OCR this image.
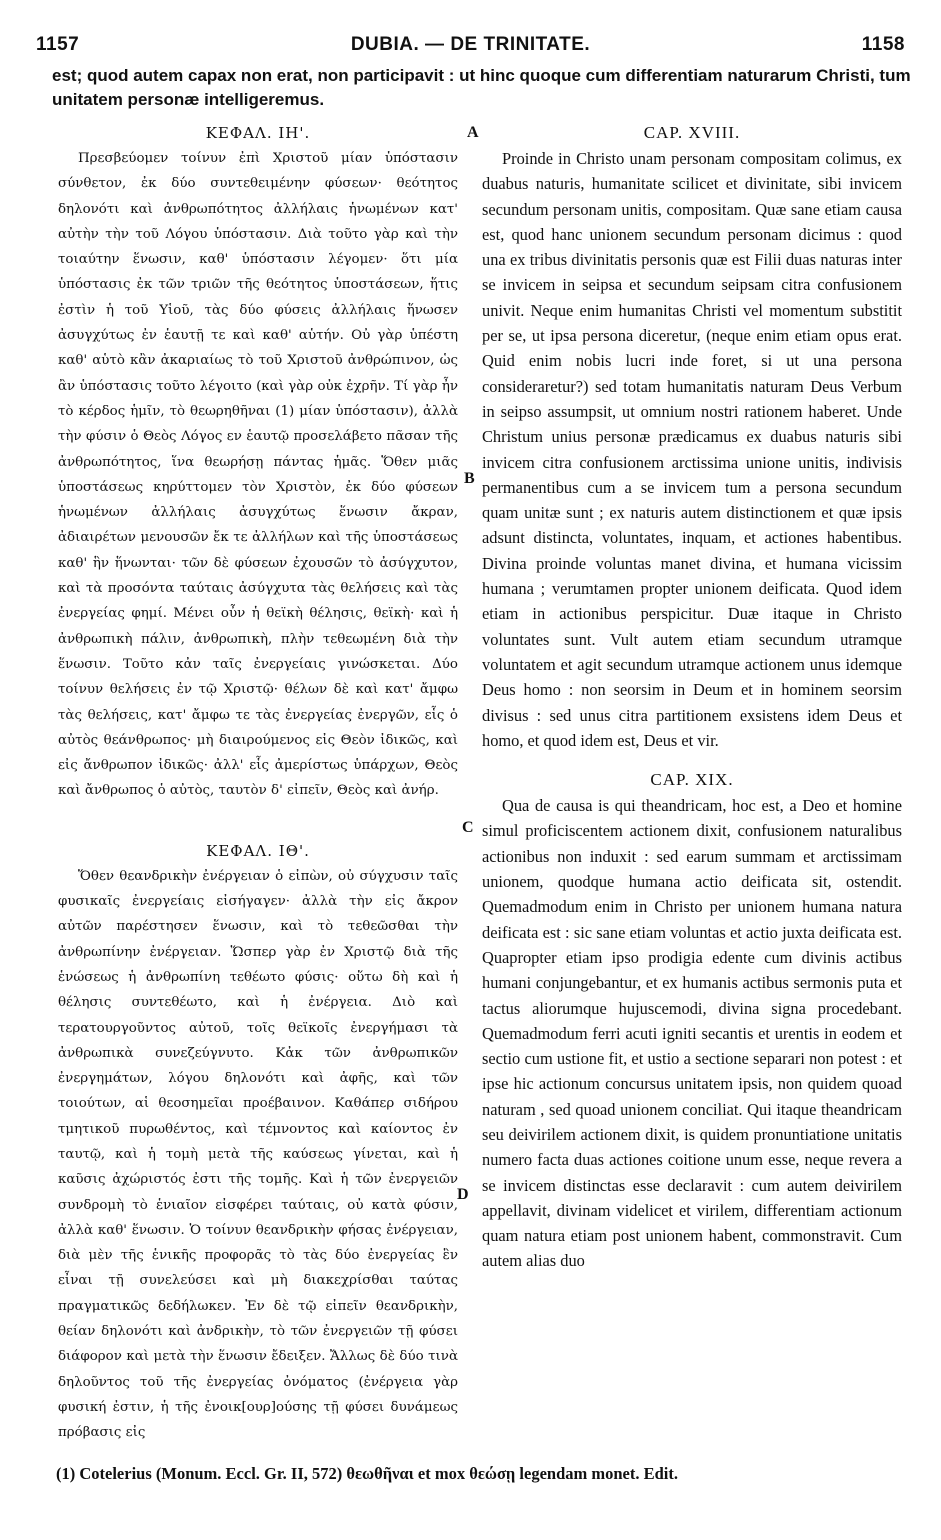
1157	DUBIA. — DE TRINITATE.	1158
est; quod autem capax non erat, non participavit : ut hinc quoque cum differentiam naturarum Christi, tum unitatem personæ intelligeremus.
A
B
C
D

ΚΕΦΑΛ. ΙΗ'.

Πρεσβεύομεν τοίνυν ἐπὶ Χριστοῦ μίαν ὑπόστασιν σύνθετον, ἐκ δύο συντεθειμένην φύσεων· θεότητος δηλονότι καὶ ἀνθρωπότητος ἀλλήλαις ἡνωμένων κατ' αὐτὴν τὴν τοῦ Λόγου ὑπόστασιν. Διὰ τοῦτο γὰρ καὶ τὴν τοιαύτην ἕνωσιν, καθ' ὑπόστασιν λέγομεν· ὅτι μία ὑπόστασις ἐκ τῶν τριῶν τῆς θεότητος ὑποστάσεων, ἥτις ἐστὶν ἡ τοῦ Υἱοῦ, τὰς δύο φύσεις ἀλλήλαις ἥνωσεν ἀσυγχύτως ἐν ἑαυτῇ τε καὶ καθ' αὑτήν. Οὐ γὰρ ὑπέστη καθ' αὑτὸ κἂν ἀκαριαίως τὸ τοῦ Χριστοῦ ἀνθρώπινον, ὡς ἂν ὑπόστασις τοῦτο λέγοιτο (καὶ γὰρ οὐκ ἐχρῆν. Τί γὰρ ἦν τὸ κέρδος ἡμῖν, τὸ θεωρηθῆναι (1) μίαν ὑπόστασιν), ἀλλὰ τὴν φύσιν ὁ Θεὸς Λόγος εν ἑαυτῷ προσελάβετο πᾶσαν τῆς ἀνθρωπότητος, ἵνα θεωρήσῃ πάντας ἡμᾶς. Ὅθεν μιᾶς ὑποστάσεως κηρύττομεν τὸν Χριστὸν, ἐκ δύο φύσεων ἡνωμένων ἀλλήλαις ἀσυγχύτως ἕνωσιν ἄκραν, ἀδιαιρέτων μενουσῶν ἔκ τε ἀλλήλων καὶ τῆς ὑποστάσεως καθ' ἣν ἥνωνται· τῶν δὲ φύσεων ἐχουσῶν τὸ ἀσύγχυτον, καὶ τὰ προσόντα ταύταις ἀσύγχυτα τὰς θελήσεις καὶ τὰς ἐνεργείας φημί. Μένει οὖν ἡ θεϊκὴ θέλησις, θεϊκὴ· καὶ ἡ ἀνθρωπικὴ πάλιν, ἀνθρωπικὴ, πλὴν τεθεωμένη διὰ τὴν ἕνωσιν. Τοῦτο κἀν ταῖς ἐνεργείαις γινώσκεται. Δύο τοίνυν θελήσεις ἐν τῷ Χριστῷ· θέλων δὲ καὶ κατ' ἄμφω τὰς θελήσεις, κατ' ἄμφω τε τὰς ἐνεργείας ἐνεργῶν, εἷς ὁ αὐτὸς θεάνθρωπος· μὴ διαιρούμενος εἰς Θεὸν ἰδικῶς, καὶ εἰς ἄνθρωπον ἰδικῶς· ἀλλ' εἷς ἀμερίστως ὑπάρχων, Θεὸς καὶ ἄνθρωπος ὁ αὐτὸς, ταυτὸν δ' εἰπεῖν, Θεὸς καὶ ἀνήρ.

ΚΕΦΑΛ. ΙΘ'.

Ὅθεν θεανδρικὴν ἐνέργειαν ὁ εἰπὼν, οὐ σύγχυσιν ταῖς φυσικαῖς ἐνεργείαις εἰσήγαγεν· ἀλλὰ τὴν εἰς ἄκρον αὐτῶν παρέστησεν ἕνωσιν, καὶ τὸ τεθεῶσθαι τὴν ἀνθρωπίνην ἐνέργειαν. Ὥσπερ γὰρ ἐν Χριστῷ διὰ τῆς ἑνώσεως ἡ ἀνθρωπίνη τεθέωτο φύσις· οὕτω δὴ καὶ ἡ θέλησις συντεθέωτο, καὶ ἡ ἐνέργεια. Διὸ καὶ τερατουργοῦντος αὐτοῦ, τοῖς θεϊκοῖς ἐνεργήμασι τὰ ἀνθρωπικὰ συνεζεύγνυτο. Κἀκ τῶν ἀνθρωπικῶν ἐνεργημάτων, λόγου δηλονότι καὶ ἀφῆς, καὶ τῶν τοιούτων, αἱ θεοσημεῖαι προέβαινον. Καθάπερ σιδήρου τμητικοῦ πυρωθέντος, καὶ τέμνοντος καὶ καίοντος ἐν ταυτῷ, καὶ ἡ τομὴ μετὰ τῆς καύσεως γίνεται, καὶ ἡ καῦσις ἀχώριστός ἐστι τῆς τομῆς. Καὶ ἡ τῶν ἐνεργειῶν συνδρομὴ τὸ ἑνιαῖον εἰσφέρει ταύταις, οὐ κατὰ φύσιν, ἀλλὰ καθ' ἕνωσιν. Ὁ τοίνυν θεανδρικὴν φήσας ἐνέργειαν, διὰ μὲν τῆς ἑνικῆς προφορᾶς τὸ τὰς δύο ἐνεργείας ἓν εἶναι τῇ συνελεύσει καὶ μὴ διακεχρίσθαι ταύτας πραγματικῶς δεδήλωκεν. Ἐν δὲ τῷ εἰπεῖν θεανδρικὴν, θείαν δηλονότι καὶ ἀνδρικὴν, τὸ τῶν ἐνεργειῶν τῇ φύσει διάφορον καὶ μετὰ τὴν ἕνωσιν ἔδειξεν. Ἄλλως δὲ δύο τινὰ δηλοῦντος τοῦ τῆς ἐνεργείας ὀνόματος (ἐνέργεια γὰρ φυσική ἐστιν, ἡ τῆς ἐνοικ[ουρ]ούσης τῇ φύσει δυνάμεως πρόβασις εἰς

CAP. XVIII.

Proinde in Christo unam personam compositam colimus, ex duabus naturis, humanitate scilicet et divinitate, sibi invicem secundum personam unitis, compositam. Quæ sane etiam causa est, quod hanc unionem secundum personam dicimus : quod una ex tribus divinitatis personis quæ est Filii duas naturas inter se invicem in seipsa et secundum seipsam citra confusionem univit. Neque enim humanitas Christi vel momentum substitit per se, ut ipsa persona diceretur, (neque enim etiam opus erat. Quid enim nobis lucri inde foret, si ut una persona consideraretur?) sed totam humanitatis naturam Deus Verbum in seipso assumpsit, ut omnium nostri rationem haberet. Unde Christum unius personæ prædicamus ex duabus naturis sibi invicem citra confusionem arctissima unione unitis, indivisis permanentibus cum a se invicem tum a persona secundum quam unitæ sunt ; ex naturis autem distinctionem et quæ ipsis adsunt distincta, voluntates, inquam, et actiones habentibus. Divina proinde voluntas manet divina, et humana vicissim humana ; verumtamen propter unionem deificata. Quod idem etiam in actionibus perspicitur. Duæ itaque in Christo voluntates sunt. Vult autem etiam secundum utramque voluntatem et agit secundum utramque actionem unus idemque Deus homo : non seorsim in Deum et in hominem seorsim divisus : sed unus citra partitionem exsistens idem Deus et homo, et quod idem est, Deus et vir.

CAP. XIX.

Qua de causa is qui theandricam, hoc est, a Deo et homine simul proficiscentem actionem dixit, confusionem naturalibus actionibus non induxit : sed earum summam et arctissimam unionem, quodque humana actio deificata sit, ostendit. Quemadmodum enim in Christo per unionem humana natura deificata est : sic sane etiam voluntas et actio juxta deificata est. Quapropter etiam ipso prodigia edente cum divinis actibus humani conjungebantur, et ex humanis actibus sermonis puta et tactus aliorumque hujuscemodi, divina signa procedebant. Quemadmodum ferri acuti igniti secantis et urentis in eodem et sectio cum ustione fit, et ustio a sectione separari non potest : et ipse hic actionum concursus unitatem ipsis, non quidem quoad naturam , sed quoad unionem conciliat. Qui itaque theandricam seu deivirilem actionem dixit, is quidem pronuntiatione unitatis numero facta duas actiones coitione unum esse, neque revera a se invicem distinctas esse declaravit : cum autem deivirilem appellavit, divinam videlicet et virilem, differentiam actionum quam natura etiam post unionem habent, commonstravit. Cum autem alias duo

(1) Cotelerius (Monum. Eccl. Gr. II, 572) θεωθῆναι et mox θεώσῃ legendam monet. Edit.
